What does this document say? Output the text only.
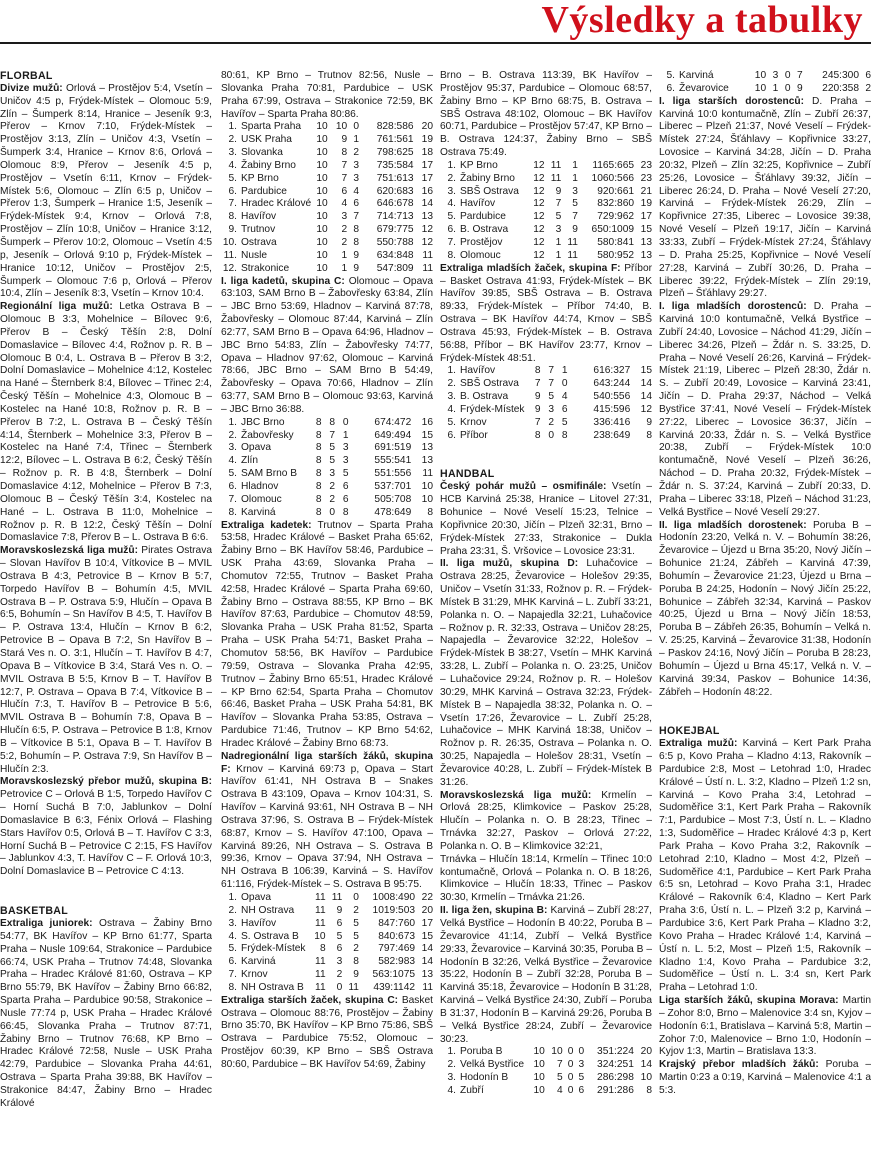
Výsledky a tabulky
FLORBAL

Divize mužů: Orlová – Prostějov 5:4, Vsetín – Uničov 4:5 p, Frýdek-Místek – Olomouc 5:9, Zlín – Šumperk 8:14, Hranice – Jeseník 9:3, Přerov – Krnov 7:10, Frýdek-Místek – Prostějov 3:13, Zlín – Uničov 4:3, Vsetín – Šumperk 3:4, Hranice – Krnov 8:6, Orlová – Olomouc 8:9, Přerov – Jeseník 4:5 p, Prostějov – Vsetín 6:11, Krnov – Frýdek-Místek 5:6, Olomouc – Zlín 6:5 p, Uničov – Přerov 1:3, Šumperk – Hranice 1:5, Jeseník – Frýdek-Místek 9:4, Krnov – Orlová 7:8, Prostějov – Zlín 10:8, Uničov – Hranice 3:12, Šumperk – Přerov 10:2, Olomouc – Vsetín 4:5 p, Jeseník – Orlová 9:10 p, Frýdek-Místek – Hranice 10:12, Uničov – Prostějov 2:5, Šumperk – Olomouc 7:6 p, Orlová – Přerov 10:4, Zlín – Jeseník 8:3, Vsetín – Krnov 10:4.

Regionální liga mužů: Letka Ostrava B – Olomouc B 3:3, Mohelnice – Bílovec 9:6, Přerov B – Český Těšín 2:8, Dolní Domaslavice – Bílovec 4:4, Rožnov p. R. B – Olomouc B 0:4, L. Ostrava B – Přerov B 3:2, Dolní Domaslavice – Mohelnice 4:12, Kostelec na Hané – Šternberk 8:4, Bílovec – Třinec 2:4, Český Těšín – Mohelnice 4:3, Olomouc B – Kostelec na Hané 10:8, Rožnov p. R. B – Přerov B 7:2, L. Ostrava B – Český Těšín 4:14, Šternberk – Mohelnice 3:3, Přerov B – Kostelec na Hané 7:4, Třinec – Šternberk 12:2, Bílovec – L. Ostrava B 6:2, Český Těšín – Rožnov p. R. B 4:8, Šternberk – Dolní Domaslavice 4:12, Mohelnice – Přerov B 7:3, Olomouc B – Český Těšín 3:4, Kostelec na Hané – L. Ostrava B 11:0, Mohelnice – Rožnov p. R. B 12:2, Český Těšín – Dolní Domaslavice 7:8, Přerov B – L. Ostrava B 6:6.

Moravskoslezská liga mužů: Pirates Ostrava – Slovan Havířov B 10:4, Vítkovice B – MVIL Ostrava B 4:3, Petrovice B – Krnov B 5:7, Torpedo Havířov B – Bohumín 4:5, MVIL Ostrava B – P. Ostrava 5:9, Hlučín – Opava B 6:5, Bohumín – Sn Havířov B 4:5, T. Havířov B – P. Ostrava 13:4, Hlučín – Krnov B 6:2, Petrovice B – Opava B 7:2, Sn Havířov B – Stará Ves n. O. 3:1, Hlučín – T. Havířov B 4:7, Opava B – Vítkovice B 3:4, Stará Ves n. O. – MVIL Ostrava B 5:5, Krnov B – T. Havířov B 12:7, P. Ostrava – Opava B 7:4, Vítkovice B – Hlučín 7:3, T. Havířov B – Petrovice B 5:6, MVIL Ostrava B – Bohumín 7:8, Opava B – Hlučín 6:5, P. Ostrava – Petrovice B 1:8, Krnov B – Vítkovice B 5:1, Opava B – T. Havířov B 5:2, Bohumín – P. Ostrava 7:9, Sn Havířov B – Hlučín 2:3.

Moravskoslezský přebor mužů, skupina B: Petrovice C – Orlová B 1:5, Torpedo Havířov C – Horní Suchá B 7:0, Jablunkov – Dolní Domaslavice B 6:3, Fénix Orlová – Flashing Stars Havířov 0:5, Orlová B – T. Havířov C 3:3, Horní Suchá B – Petrovice C 2:15, FS Havířov – Jablunkov 4:3, T. Havířov C – F. Orlová 10:3, Dolní Domaslavice B – Petrovice C 4:13.

BASKETBAL

Extraliga juniorek: Ostrava – Žabiny Brno 54:77, BK Havířov – KP Brno 61:77, Sparta Praha – Nusle 109:64, Strakonice – Pardubice 66:74, USK Praha – Trutnov 74:48, Slovanka Praha – Hradec Králové 81:60, Ostrava – KP Brno 55:79, BK Havířov – Žabiny Brno 66:82, Sparta Praha – Pardubice 90:58, Strakonice – Nusle 77:74 p, USK Praha – Hradec Králové 66:45, Slovanka Praha – Trutnov 87:71, Žabiny Brno – Trutnov 76:68, KP Brno – Hradec Králové 72:58, Nusle – USK Praha 42:79, Pardubice – Slovanka Praha 44:61, Ostrava – Sparta Praha 39:88, BK Havířov – Strakonice 84:47, Žabiny Brno – Hradec Králové

80:61, KP Brno – Trutnov 82:56, Nusle – Slovanka Praha 70:81, Pardubice – USK Praha 67:99, Ostrava – Strakonice 72:59, BK Havířov – Sparta Praha 80:86.

1.	Sparta Praha	10	10	0	828:586	20
2.	USK Praha	10	9	1	761:561	19
3.	Slovanka	10	8	2	798:625	18
4.	Žabiny Brno	10	7	3	735:584	17
5.	KP Brno	10	7	3	751:613	17
6.	Pardubice	10	6	4	620:683	16
7.	Hradec Králové	10	4	6	646:678	14
8.	Havířov	10	3	7	714:713	13
9.	Trutnov	10	2	8	679:775	12
10.	Ostrava	10	2	8	550:788	12
11.	Nusle	10	1	9	634:848	11
12.	Strakonice	10	1	9	547:809	11

I. liga kadetů, skupina C: Olomouc – Opava 63:103, SAM Brno B – Žabovřesky 63:84, Zlín – JBC Brno 53:69, Hladnov – Karviná 87:78, Žabovřesky – Olomouc 87:44, Karviná – Zlín 62:77, SAM Brno B – Opava 64:96, Hladnov – JBC Brno 54:83, Zlín – Žabovřesky 74:77, Opava – Hladnov 97:62, Olomouc – Karviná 78:66, JBC Brno – SAM Brno B 54:49, Žabovřesky – Opava 70:66, Hladnov – Zlín 63:77, SAM Brno B – Olomouc 93:63, Karviná – JBC Brno 36:88.

1.	JBC Brno	8	8	0	674:472	16
2.	Žabovřesky	8	7	1	649:494	15
3.	Opava	8	5	3	691:519	13
4.	Zlín	8	5	3	555:541	13
5.	SAM Brno B	8	3	5	551:556	11
6.	Hladnov	8	2	6	537:701	10
7.	Olomouc	8	2	6	505:708	10
8.	Karviná	8	0	8	478:649	8

Extraliga kadetek: Trutnov – Sparta Praha 53:58, Hradec Králové – Basket Praha 65:62, Žabiny Brno – BK Havířov 58:46, Pardubice – USK Praha 43:69, Slovanka Praha – Chomutov 72:55, Trutnov – Basket Praha 42:58, Hradec Králové – Sparta Praha 69:60, Žabiny Brno – Ostrava 88:55, KP Brno – BK Havířov 87:63, Pardubice – Chomutov 48:59, Slovanka Praha – USK Praha 81:52, Sparta Praha – USK Praha 54:71, Basket Praha – Chomutov 58:56, BK Havířov – Pardubice 79:59, Ostrava – Slovanka Praha 42:95, Trutnov – Žabiny Brno 65:51, Hradec Králové – KP Brno 62:54, Sparta Praha – Chomutov 66:46, Basket Praha – USK Praha 54:81, BK Havířov – Slovanka Praha 53:85, Ostrava – Pardubice 71:46, Trutnov – KP Brno 54:62, Hradec Králové – Žabiny Brno 68:73.

Nadregionální liga starších žáků, skupina F: Krnov – Karviná 69:73 p, Opava – Start Havířov 61:41, NH Ostrava B – Snakes Ostrava B 43:109, Opava – Krnov 104:31, S. Havířov – Karviná 93:61, NH Ostrava B – NH Ostrava 37:96, S. Ostrava B – Frýdek-Místek 68:87, Krnov – S. Havířov 47:100, Opava – Karviná 89:26, NH Ostrava – S. Ostrava B 99:36, Krnov – Opava 37:94, NH Ostrava – NH Ostrava B 106:39, Karviná – S. Havířov 61:116, Frýdek-Místek – S. Ostrava B 95:75.

1.	Opava	11	11	0	1008:490	22
2.	NH Ostrava	11	9	2	1019:503	20
3.	Havířov	11	6	5	847:760	17
4.	S. Ostrava B	10	5	5	840:673	15
5.	Frýdek-Místek	8	6	2	797:469	14
6.	Karviná	11	3	8	582:983	14
7.	Krnov	11	2	9	563:1075	13
8.	NH Ostrava B	11	0	11	439:1142	11

Extraliga starších žaček, skupina C: Basket Ostrava – Olomouc 88:76, Prostějov – Žabiny Brno 35:70, BK Havířov – KP Brno 75:86, SBŠ Ostrava – Pardubice 75:52, Olomouc – Prostějov 60:39, KP Brno – SBŠ Ostrava 80:60, Pardubice – BK Havířov 54:69, Žabiny

Brno – B. Ostrava 113:39, BK Havířov – Prostějov 95:37, Pardubice – Olomouc 68:57, Žabiny Brno – KP Brno 68:75, B. Ostrava – SBŠ Ostrava 48:102, Olomouc – BK Havířov 60:71, Pardubice – Prostějov 57:47, KP Brno – B. Ostrava 124:37, Žabiny Brno – SBŠ Ostrava 75:49.

1.	KP Brno	12	11	1	1165:665	23
2.	Žabiny Brno	12	11	1	1060:566	23
3.	SBŠ Ostrava	12	9	3	920:661	21
4.	Havířov	12	7	5	832:860	19
5.	Pardubice	12	5	7	729:962	17
6.	B. Ostrava	12	3	9	650:1009	15
7.	Prostějov	12	1	11	580:841	13
8.	Olomouc	12	1	11	580:952	13

Extraliga mladších žaček, skupina F: Příbor – Basket Ostrava 41:93, Frýdek-Místek – BK Havířov 39:85, SBŠ Ostrava – B. Ostrava 89:33, Frýdek-Místek – Příbor 74:40, B. Ostrava – BK Havířov 44:74, Krnov – SBŠ Ostrava 45:93, Frýdek-Místek – B. Ostrava 56:88, Příbor – BK Havířov 23:77, Krnov – Frýdek-Místek 48:51.

1.	Havířov	8	7	1	616:327	15
2.	SBŠ Ostrava	7	7	0	643:244	14
3.	B. Ostrava	9	5	4	540:556	14
4.	Frýdek-Místek	9	3	6	415:596	12
5.	Krnov	7	2	5	336:416	9
6.	Příbor	8	0	8	238:649	8
HANDBAL

Český pohár mužů – osmifinále: Vsetín – HCB Karviná 25:38, Hranice – Litovel 27:31, Bohunice – Nové Veselí 15:23, Telnice – Kopřivnice 20:30, Jičín – Plzeň 32:31, Brno – Frýdek-Místek 27:33, Strakonice – Dukla Praha 23:31, Š. Vršovice – Lovosice 23:31.

II. liga mužů, skupina D: Luhačovice – Ostrava 28:25, Ževarovice – Holešov 29:35, Uničov – Vsetín 31:33, Rožnov p. R. – Frýdek-Místek B 31:29, MHK Karviná – L. Zubří 33:21, Polanka n. O. – Napajedla 32:21, Luhačovice – Rožnov p. R. 32:33, Ostrava – Uničov 28:25, Napajedla – Ževarovice 32:22, Holešov – Frýdek-Místek B 38:27, Vsetín – MHK Karviná 33:28, L. Zubří – Polanka n. O. 23:25, Uničov – Luhačovice 29:24, Rožnov p. R. – Holešov 30:29, MHK Karviná – Ostrava 32:23, Frýdek-Místek B – Napajedla 38:32, Polanka n. O. – Vsetín 17:26, Ževarovice – L. Zubří 25:28, Luhačovice – MHK Karviná 18:38, Uničov – Rožnov p. R. 26:35, Ostrava – Polanka n. O. 30:25, Napajedla – Holešov 28:31, Vsetín – Ževarovice 40:28, L. Zubří – Frýdek-Místek B 31:26.

Moravskoslezská liga mužů: Krmelín – Orlová 28:25, Klimkovice – Paskov 25:28, Hlučín – Polanka n. O. B 28:23, Třinec – Trnávka 32:27, Paskov – Orlová 27:22, Polanka n. O. B – Klimkovice 32:21,

Trnávka – Hlučín 18:14, Krmelín – Třinec 10:0 kontumačně, Orlová – Polanka n. O. B 18:26, Klimkovice – Hlučín 18:33, Třinec – Paskov 30:30, Krmelín – Trnávka 21:26.

II. liga žen, skupina B: Karviná – Zubří 28:27, Velká Bystřice – Hodonín B 40:22, Poruba B – Ževarovice 41:14, Zubří – Velká Bystřice 29:33, Ževarovice – Karviná 30:35, Poruba B – Hodonín B 32:26, Velká Bystřice – Ževarovice 35:22, Hodonín B – Zubří 32:28, Poruba B – Karviná 35:18, Ževarovice – Hodonín B 31:28, Karviná – Velká Bystřice 24:30, Zubří – Poruba B 31:37, Hodonín B – Karviná 29:26, Poruba B – Velká Bystřice 28:24, Zubří – Ževarovice 30:23.

1.	Poruba B	10	10	0	0	351:224	20
2.	Velká Bystřice	10	7	0	3	324:251	14
3.	Hodonín B	10	5	0	5	286:298	10
4.	Zubří	10	4	0	6	291:286	8
5.	Karviná	10	3	0	7	245:300	6
6.	Ževarovice	10	1	0	9	220:358	2

I. liga starších dorostenců: D. Praha – Karviná 10:0 kontumačně, Zlín – Zubří 26:37, Liberec – Plzeň 21:37, Nové Veselí – Frýdek-Místek 27:24, Šťáhlavy – Kopřivnice 33:27, Lovosice – Karviná 34:28, Jičín – D. Praha 20:32, Plzeň – Zlín 32:25, Kopřivnice – Zubří 25:26, Lovosice – Šťáhlavy 39:32, Jičín – Liberec 26:24, D. Praha – Nové Veselí 27:20, Karviná – Frýdek-Místek 26:29, Zlín – Kopřivnice 27:35, Liberec – Lovosice 39:38, Nové Veselí – Plzeň 19:17, Jičín – Karviná 33:33, Zubří – Frýdek-Místek 27:24, Šťáhlavy – D. Praha 25:25, Kopřivnice – Nové Veselí 27:28, Karviná – Zubří 30:26, D. Praha – Liberec 39:22, Frýdek-Místek – Zlín 29:19, Plzeň – Šťáhlavy 29:27.

I. liga mladších dorostenců: D. Praha – Karviná 10:0 kontumačně, Velká Bystřice – Zubří 24:40, Lovosice – Náchod 41:29, Jičín – Liberec 34:26, Plzeň – Ždár n. S. 33:25, D. Praha – Nové Veselí 26:26, Karviná – Frýdek-Místek 21:19, Liberec – Plzeň 28:30, Ždár n. S. – Zubří 20:49, Lovosice – Karviná 23:41, Jičín – D. Praha 29:37, Náchod – Velká Bystřice 37:41, Nové Veselí – Frýdek-Místek 27:22, Liberec – Lovosice 36:37, Jičín – Karviná 20:33, Ždár n. S. – Velká Bystřice 20:38, Zubří – Frýdek-Místek 10:0 kontumačně, Nové Veselí – Plzeň 36:26, Náchod – D. Praha 20:32, Frýdek-Místek – Ždár n. S. 37:24, Karviná – Zubří 20:33, D. Praha – Liberec 33:18, Plzeň – Náchod 31:23, Velká Bystřice – Nové Veselí 29:27.

II. liga mladších dorostenek: Poruba B – Hodonín 23:20, Velká n. V. – Bohumín 38:26, Ževarovice – Újezd u Brna 35:20, Nový Jičín – Bohunice 21:24, Zábřeh – Karviná 47:39, Bohumín – Ževarovice 21:23, Újezd u Brna – Poruba B 24:25, Hodonín – Nový Jičín 25:22, Bohunice – Zábřeh 32:34, Karviná – Paskov 40:25, Újezd u Brna – Nový Jičín 18:53, Poruba B – Zábřeh 26:35, Bohumín – Velká n. V. 25:25, Karviná – Ževarovice 31:38, Hodonín – Paskov 24:16, Nový Jičín – Poruba B 28:23, Bohumín – Újezd u Brna 45:17, Velká n. V. – Karviná 39:34, Paskov – Bohunice 14:36, Zábřeh – Hodonín 48:22.

HOKEJBAL

Extraliga mužů: Karviná – Kert Park Praha 6:5 p, Kovo Praha – Kladno 4:13, Rakovník – Pardubice 2:8, Most – Letohrad 1:0, Hradec Králové – Ústí n. L. 3:2, Kladno – Plzeň 1:2 sn, Karviná – Kovo Praha 3:4, Letohrad – Sudoměřice 3:1, Kert Park Praha – Rakovník 7:1, Pardubice – Most 7:3, Ústí n. L. – Kladno 1:3, Sudoměřice – Hradec Králové 4:3 p, Kert Park Praha – Kovo Praha 3:2, Rakovník – Letohrad 2:10, Kladno – Most 4:2, Plzeň – Sudoměřice 4:1, Pardubice – Kert Park Praha 6:5 sn, Letohrad – Kovo Praha 3:1, Hradec Králové – Rakovník 6:4, Kladno – Kert Park Praha 3:6, Ústí n. L. – Plzeň 3:2 p, Karviná – Pardubice 3:6, Kert Park Praha – Kladno 3:2, Kovo Praha – Hradec Králové 1:4, Karviná – Ústí n. L. 5:2, Most – Plzeň 1:5, Rakovník – Kladno 1:4, Kovo Praha – Pardubice 3:2, Sudoměřice – Ústí n. L. 3:4 sn, Kert Park Praha – Letohrad 1:0.

Liga starších žáků, skupina Morava: Martin – Zohor 8:0, Brno – Malenovice 3:4 sn, Kyjov – Hodonín 6:1, Bratislava – Karviná 5:8, Martin – Zohor 7:0, Malenovice – Brno 1:0, Hodonín – Kyjov 1:3, Martin – Bratislava 13:3.

Krajský přebor mladších žáků: Poruba – Martin 0:23 a 0:19, Karviná – Malenovice 4:1 a 5:3.
